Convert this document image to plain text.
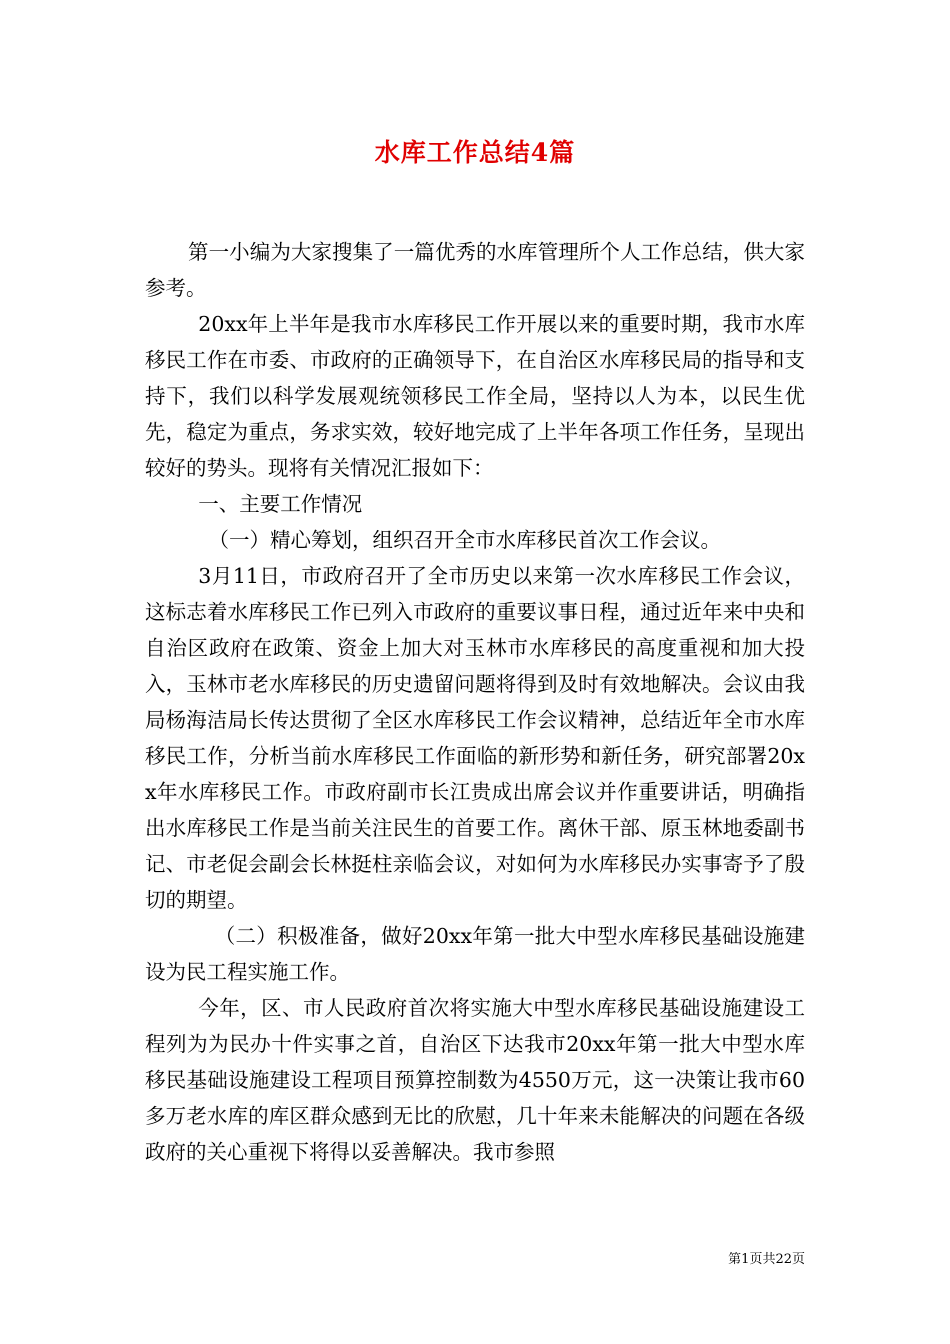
水库工作总结4篇

第一小编为大家搜集了一篇优秀的水库管理所个人工作总结，供大家参考。

20xx年上半年是我市水库移民工作开展以来的重要时期，我市水库移民工作在市委、市政府的正确领导下，在自治区水库移民局的指导和支持下，我们以科学发展观统领移民工作全局，坚持以人为本，以民生优先，稳定为重点，务求实效，较好地完成了上半年各项工作任务，呈现出较好的势头。现将有关情况汇报如下：

一、主要工作情况

（一）精心筹划，组织召开全市水库移民首次工作会议。

3月11日，市政府召开了全市历史以来第一次水库移民工作会议，这标志着水库移民工作已列入市政府的重要议事日程，通过近年来中央和自治区政府在政策、资金上加大对玉林市水库移民的高度重视和加大投入，玉林市老水库移民的历史遗留问题将得到及时有效地解决。会议由我局杨海洁局长传达贯彻了全区水库移民工作会议精神，总结近年全市水库移民工作，分析当前水库移民工作面临的新形势和新任务，研究部署20xx年水库移民工作。市政府副市长江贵成出席会议并作重要讲话，明确指出水库移民工作是当前关注民生的首要工作。离休干部、原玉林地委副书记、市老促会副会长林挺柱亲临会议，对如何为水库移民办实事寄予了殷切的期望。

（二）积极准备，做好20xx年第一批大中型水库移民基础设施建设为民工程实施工作。

今年，区、市人民政府首次将实施大中型水库移民基础设施建设工程列为为民办十件实事之首，自治区下达我市20xx年第一批大中型水库移民基础设施建设工程项目预算控制数为4550万元，这一决策让我市60多万老水库的库区群众感到无比的欣慰，几十年来未能解决的问题在各级政府的关心重视下将得以妥善解决。我市参照

第1页共22页
